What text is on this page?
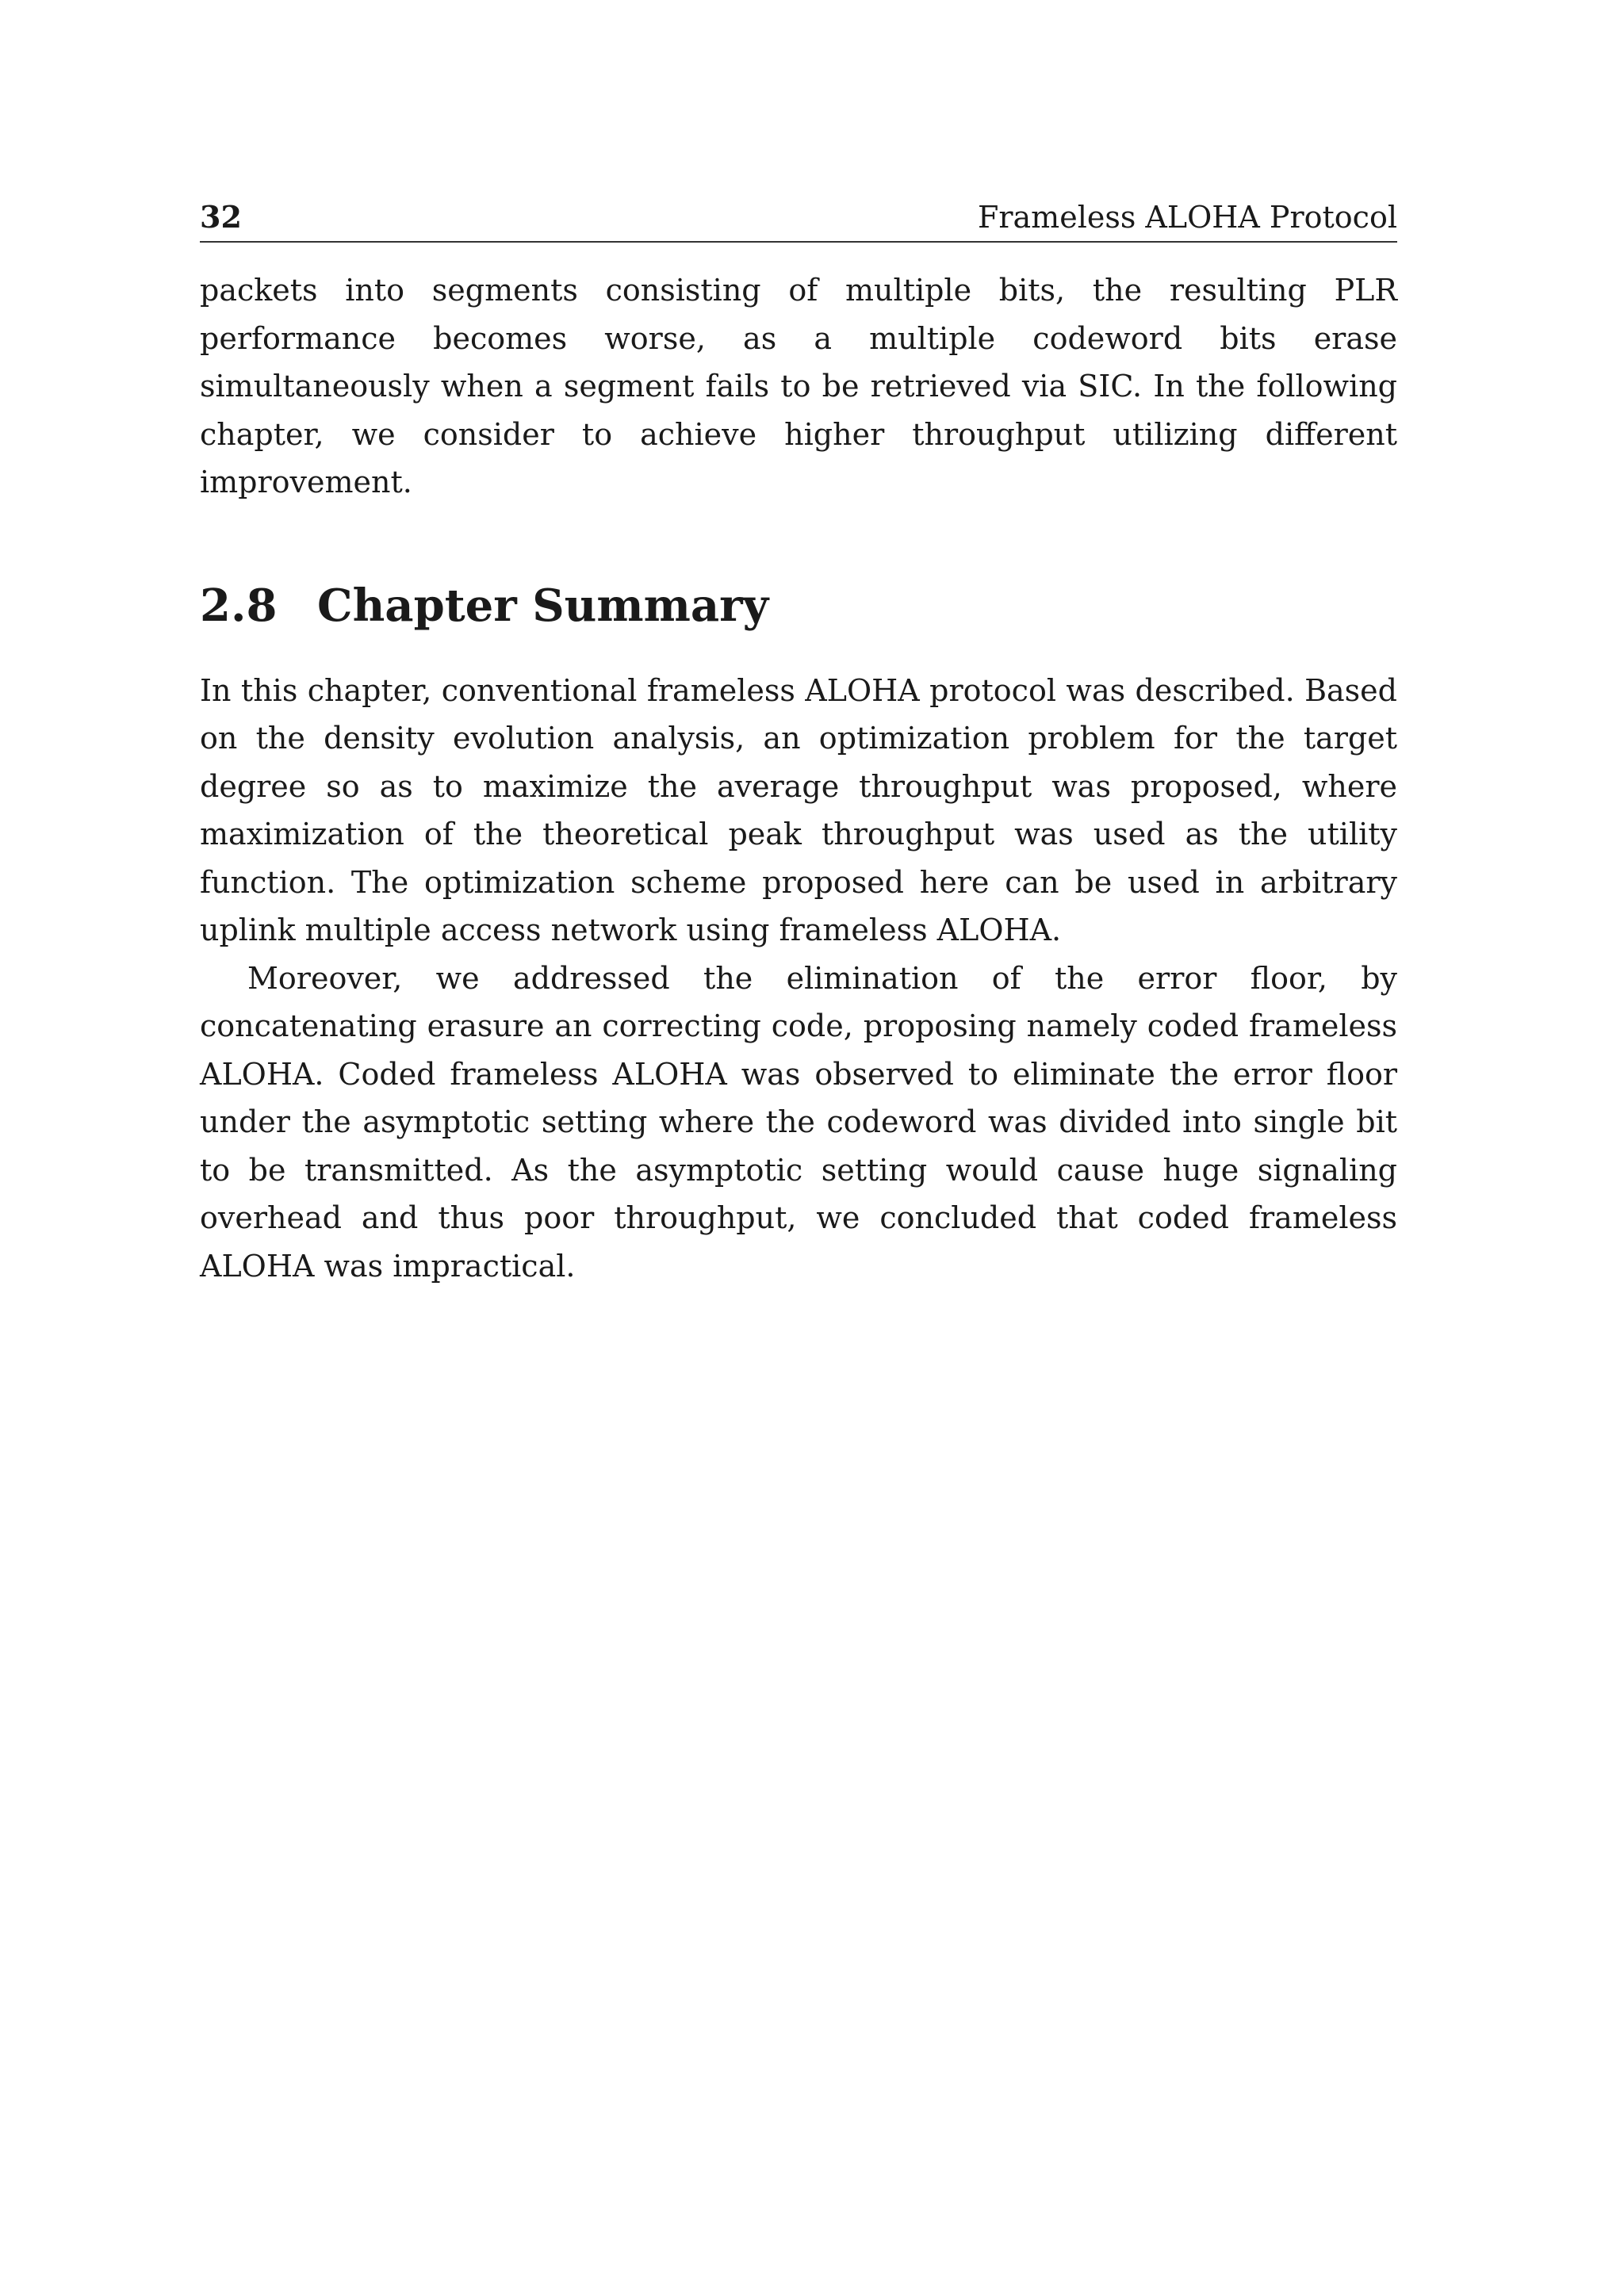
32	Frameless ALOHA Protocol

packets into segments consisting of multiple bits, the resulting PLR performance becomes worse, as a multiple codeword bits erase simultaneously when a segment fails to be retrieved via SIC. In the following chapter, we consider to achieve higher throughput utilizing different improvement.

2.8 Chapter Summary

In this chapter, conventional frameless ALOHA protocol was described. Based on the density evolution analysis, an optimization problem for the target degree so as to maximize the average throughput was proposed, where maximization of the theoretical peak throughput was used as the utility function. The optimization scheme proposed here can be used in arbitrary uplink multiple access network using frameless ALOHA.

Moreover, we addressed the elimination of the error floor, by concatenating erasure an correcting code, proposing namely coded frameless ALOHA. Coded frameless ALOHA was observed to eliminate the error floor under the asymptotic setting where the codeword was divided into single bit to be transmitted. As the asymptotic setting would cause huge signaling overhead and thus poor throughput, we concluded that coded frameless ALOHA was impractical.
